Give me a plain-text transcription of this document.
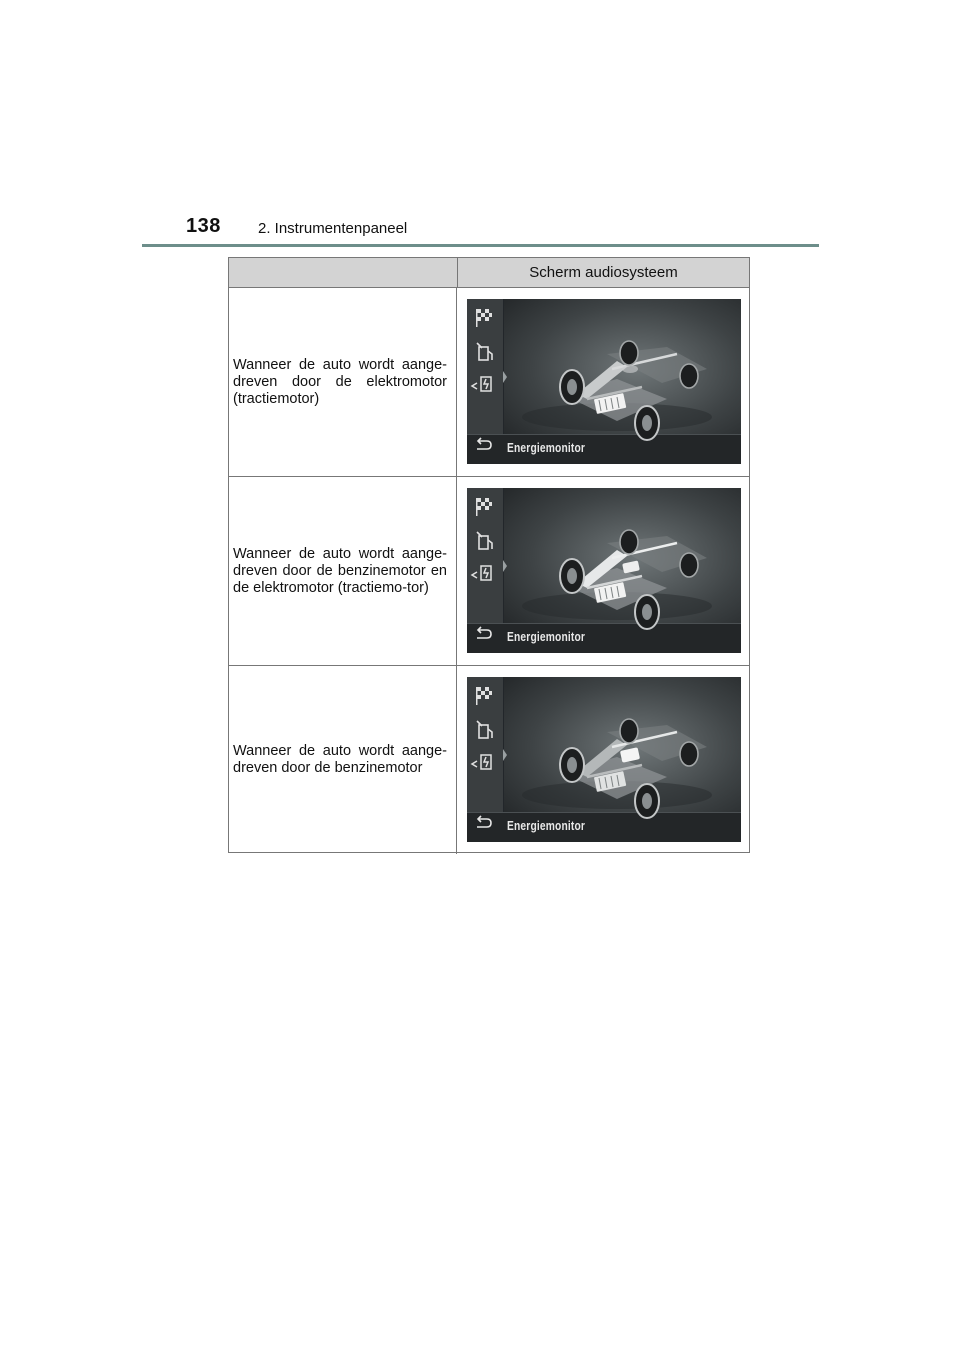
138 2. Instrumentenpaneel
Scherm audiosysteem
Wanneer de auto wordt aange-dreven door de elektromotor (tractiemotor)
Energiemonitor
Wanneer de auto wordt aange-dreven door de benzinemotor en de elektromotor (tractiemo-tor)
Energiemonitor
Wanneer de auto wordt aange-dreven door de benzinemotor
Energiemonitor
